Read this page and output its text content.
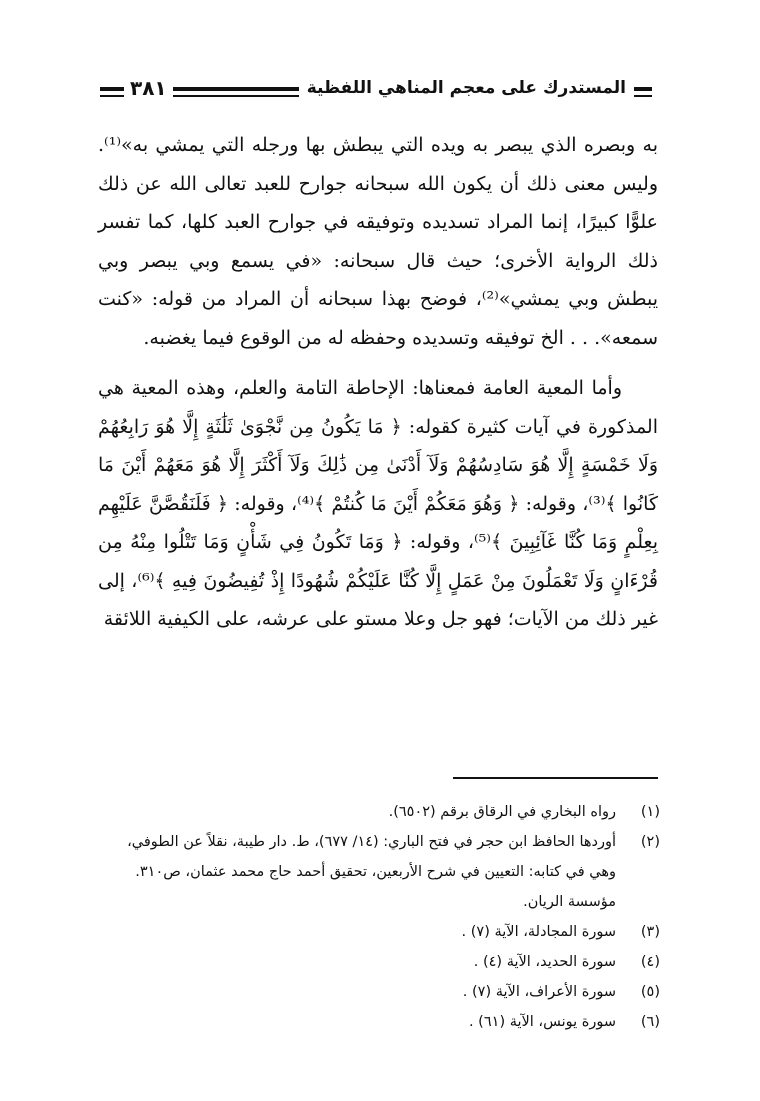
المستدرك على معجم المناهي اللفظية
٣٨١

به وبصره الذي يبصر به ويده التي يبطش بها ورجله التي يمشي به»⁽¹⁾. وليس معنى ذلك أن يكون الله سبحانه جوارح للعبد تعالى الله عن ذلك علوًّا كبيرًا، إنما المراد تسديده وتوفيقه في جوارح العبد كلها، كما تفسر ذلك الرواية الأخرى؛ حيث قال سبحانه: «في يسمع وبي يبصر وبي يبطش وبي يمشي»⁽²⁾، فوضح بهذا سبحانه أن المراد من قوله: «كنت سمعه». . . الخ توفيقه وتسديده وحفظه له من الوقوع فيما يغضبه.

وأما المعية العامة فمعناها: الإحاطة التامة والعلم، وهذه المعية هي المذكورة في آيات كثيرة كقوله: ﴿ مَا يَكُونُ مِن نَّجْوَىٰ ثَلَٰثَةٍ إِلَّا هُوَ رَابِعُهُمْ وَلَا خَمْسَةٍ إِلَّا هُوَ سَادِسُهُمْ وَلَآ أَدْنَىٰ مِن ذَٰلِكَ وَلَآ أَكْثَرَ إِلَّا هُوَ مَعَهُمْ أَيْنَ مَا كَانُوا ﴾⁽³⁾، وقوله: ﴿ وَهُوَ مَعَكُمْ أَيْنَ مَا كُنتُمْ ﴾⁽⁴⁾، وقوله: ﴿ فَلَنَقُصَّنَّ عَلَيْهِم بِعِلْمٍ وَمَا كُنَّا غَآئِبِينَ ﴾⁽⁵⁾، وقوله: ﴿ وَمَا تَكُونُ فِي شَأْنٍ وَمَا تَتْلُوا مِنْهُ مِن قُرْءَانٍ وَلَا تَعْمَلُونَ مِنْ عَمَلٍ إِلَّا كُنَّا عَلَيْكُمْ شُهُودًا إِذْ تُفِيضُونَ فِيهِ ﴾⁽⁶⁾، إلى غير ذلك من الآيات؛ فهو جل وعلا مستو على عرشه، على الكيفية اللائقة

(١)
رواه البخاري في الرقاق برقم (٦٥٠٢).
(٢)
أوردها الحافظ ابن حجر في فتح الباري: (١٤/ ٦٧٧)، ط. دار طيبة، نقلاً عن الطوفي، وهي في كتابه: التعيين في شرح الأربعين، تحقيق أحمد حاج محمد عثمان، ص٣١٠. مؤسسة الريان.
(٣)
سورة المجادلة، الآية (٧) .
(٤)
سورة الحديد، الآية (٤) .
(٥)
سورة الأعراف، الآية (٧) .
(٦)
سورة يونس، الآية (٦١) .
